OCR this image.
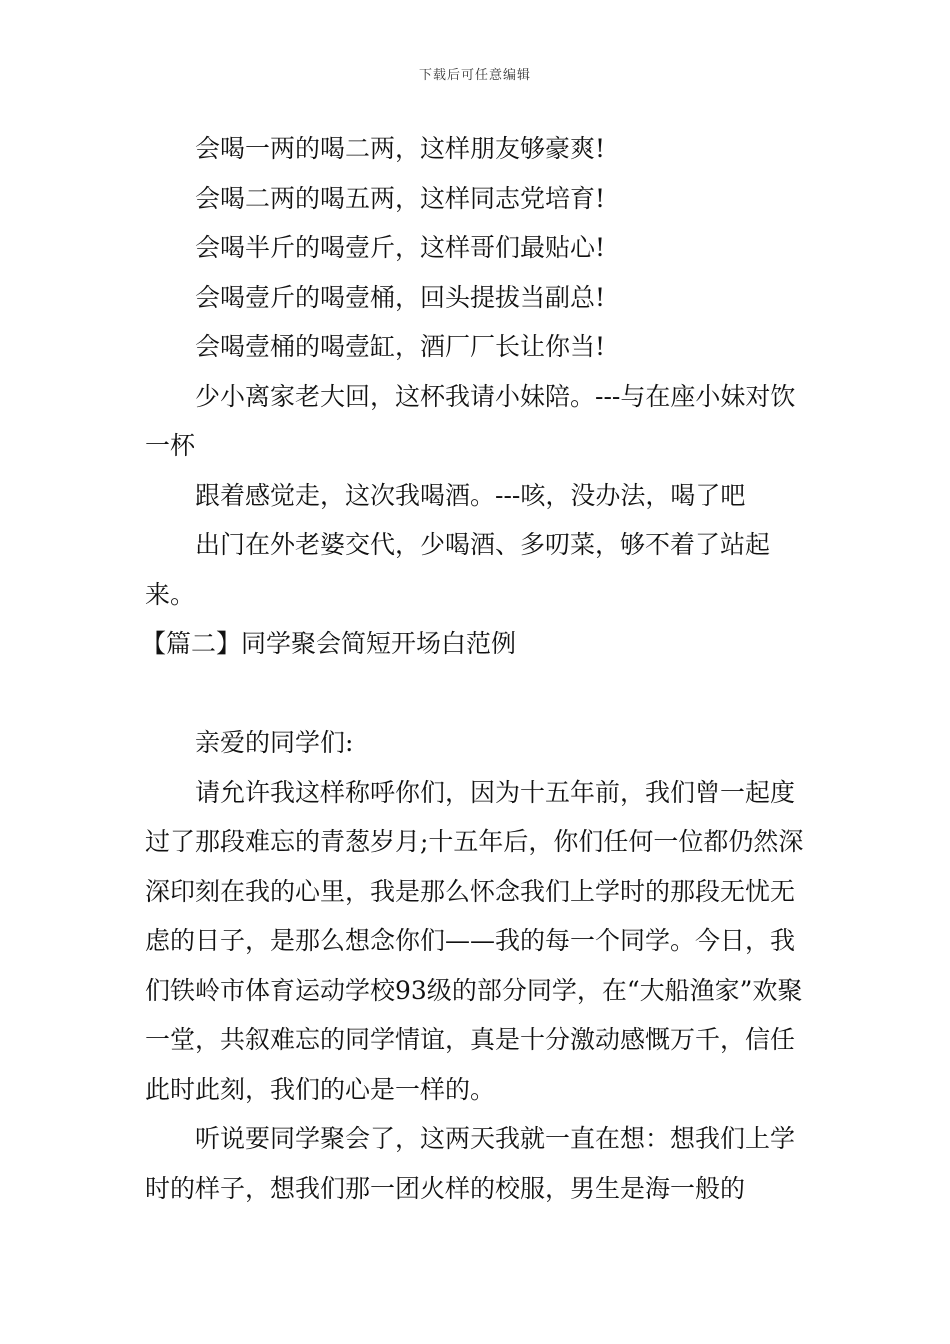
下载后可任意编辑

会喝一两的喝二两，这样朋友够豪爽!

会喝二两的喝五两，这样同志党培育!

会喝半斤的喝壹斤，这样哥们最贴心!

会喝壹斤的喝壹桶，回头提拔当副总!

会喝壹桶的喝壹缸，酒厂厂长让你当!

少小离家老大回，这杯我请小妹陪。---与在座小妹对饮一杯

跟着感觉走，这次我喝酒。---咳，没办法，喝了吧

出门在外老婆交代，少喝酒、多叨菜，够不着了站起来。

【篇二】同学聚会简短开场白范例

亲爱的同学们:

请允许我这样称呼你们，因为十五年前，我们曾一起度过了那段难忘的青葱岁月;十五年后，你们任何一位都仍然深深印刻在我的心里，我是那么怀念我们上学时的那段无忧无虑的日子，是那么想念你们——我的每一个同学。今日，我们铁岭市体育运动学校93级的部分同学，在“大船渔家”欢聚一堂，共叙难忘的同学情谊，真是十分激动感慨万千，信任此时此刻，我们的心是一样的。

听说要同学聚会了，这两天我就一直在想：想我们上学时的样子，想我们那一团火样的校服，男生是海一般的
